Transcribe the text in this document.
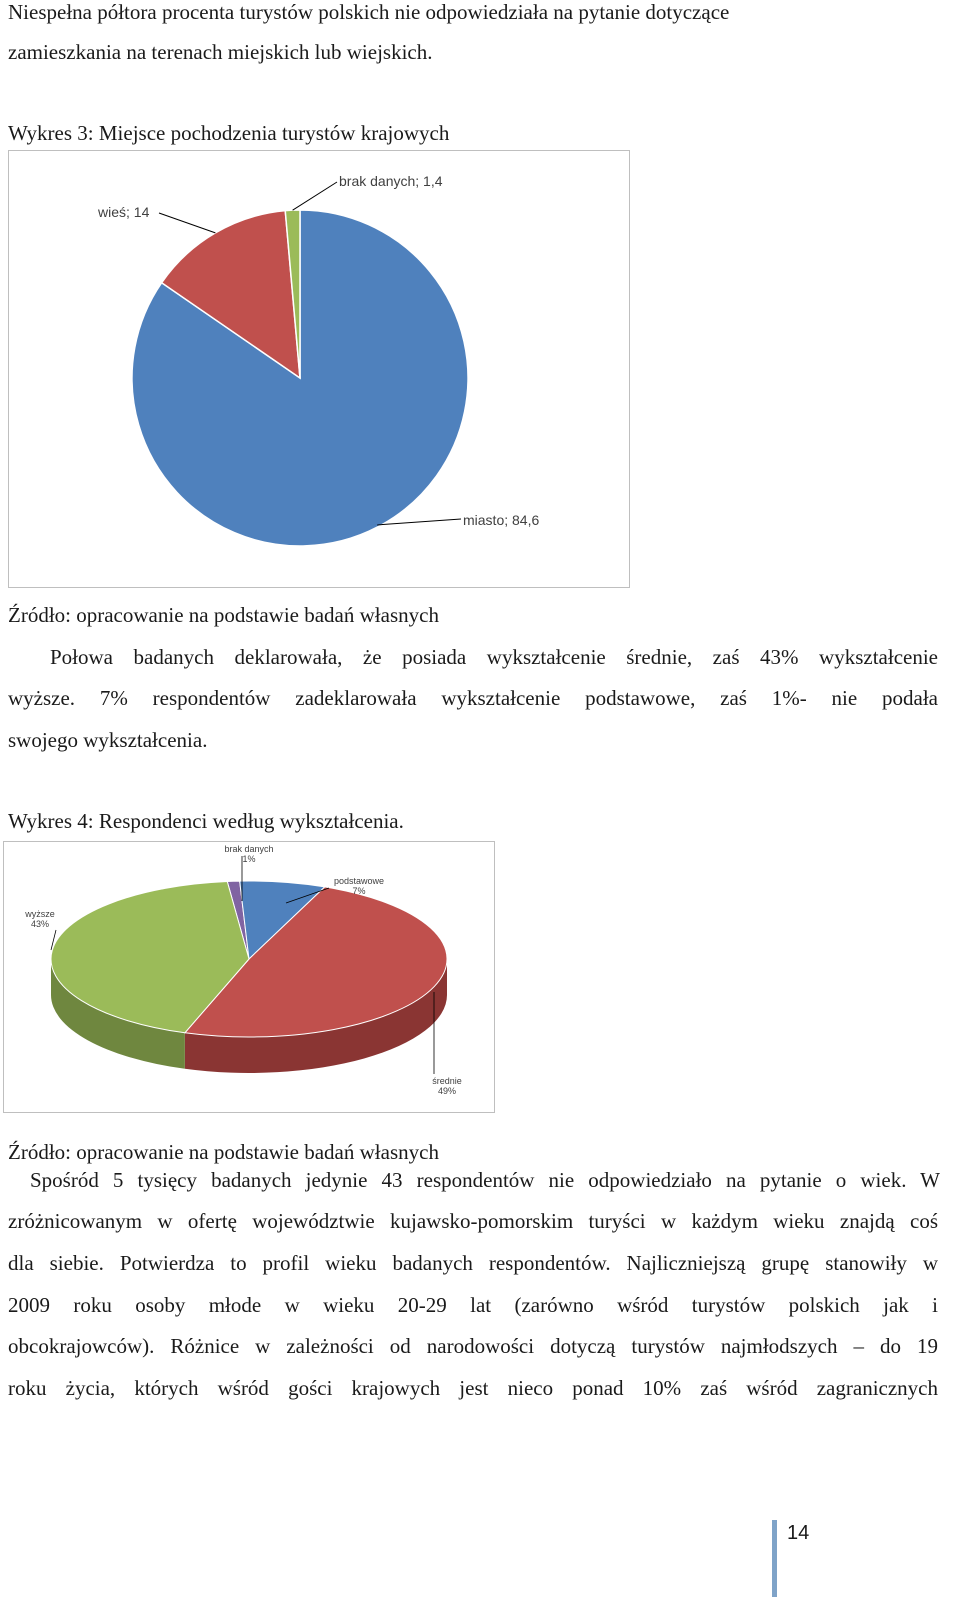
Niespełna półtora procenta turystów polskich nie odpowiedziała na pytanie dotyczące

zamieszkania na terenach miejskich lub wiejskich.

Wykres 3: Miejsce pochodzenia turystów krajowych

miasto; 84,6
wieś; 14
brak danych; 1,4

Źródło: opracowanie na podstawie badań własnych

Połowa badanych deklarowała, że posiada wykształcenie średnie, zaś 43% wykształcenie

wyższe. 7% respondentów zadeklarowała wykształcenie podstawowe, zaś 1%- nie podała

swojego wykształcenia.

Wykres 4: Respondenci według wykształcenia.

brak danych
1%
podstawowe
7%
średnie
49%
wyższe
43%

Źródło: opracowanie na podstawie badań własnych

Spośród 5 tysięcy badanych jedynie 43 respondentów nie odpowiedziało na pytanie o wiek. W

zróżnicowanym w ofertę województwie kujawsko-pomorskim turyści w każdym wieku znajdą coś

dla siebie. Potwierdza to profil wieku badanych respondentów. Najliczniejszą grupę stanowiły w

2009 roku osoby młode w wieku 20-29 lat (zarówno wśród turystów polskich jak i

obcokrajowców). Różnice w zależności od narodowości dotyczą turystów najmłodszych – do 19

roku życia, których wśród gości krajowych jest nieco ponad 10% zaś wśród zagranicznych

14
